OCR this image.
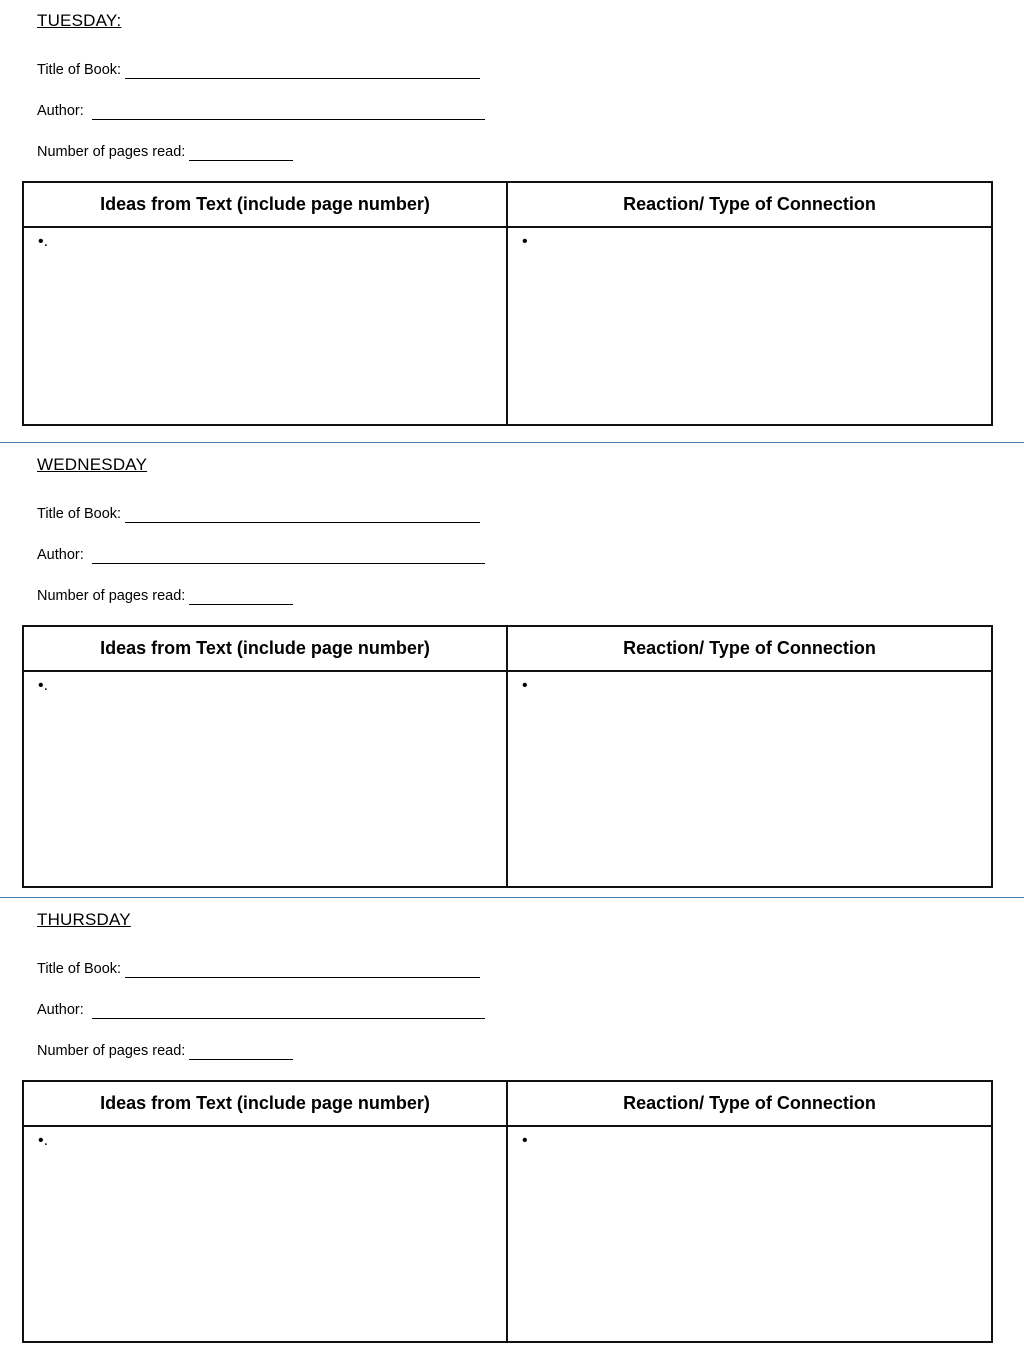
TUESDAY:
Title of Book:
Author:
Number of pages read:
Ideas from Text (include page number)	Reaction/ Type of Connection

•.	•
WEDNESDAY
Title of Book:
Author:
Number of pages read:
Ideas from Text (include page number)	Reaction/ Type of Connection

•.	•
THURSDAY
Title of Book:
Author:
Number of pages read:
Ideas from Text (include page number)	Reaction/ Type of Connection

•.	•
